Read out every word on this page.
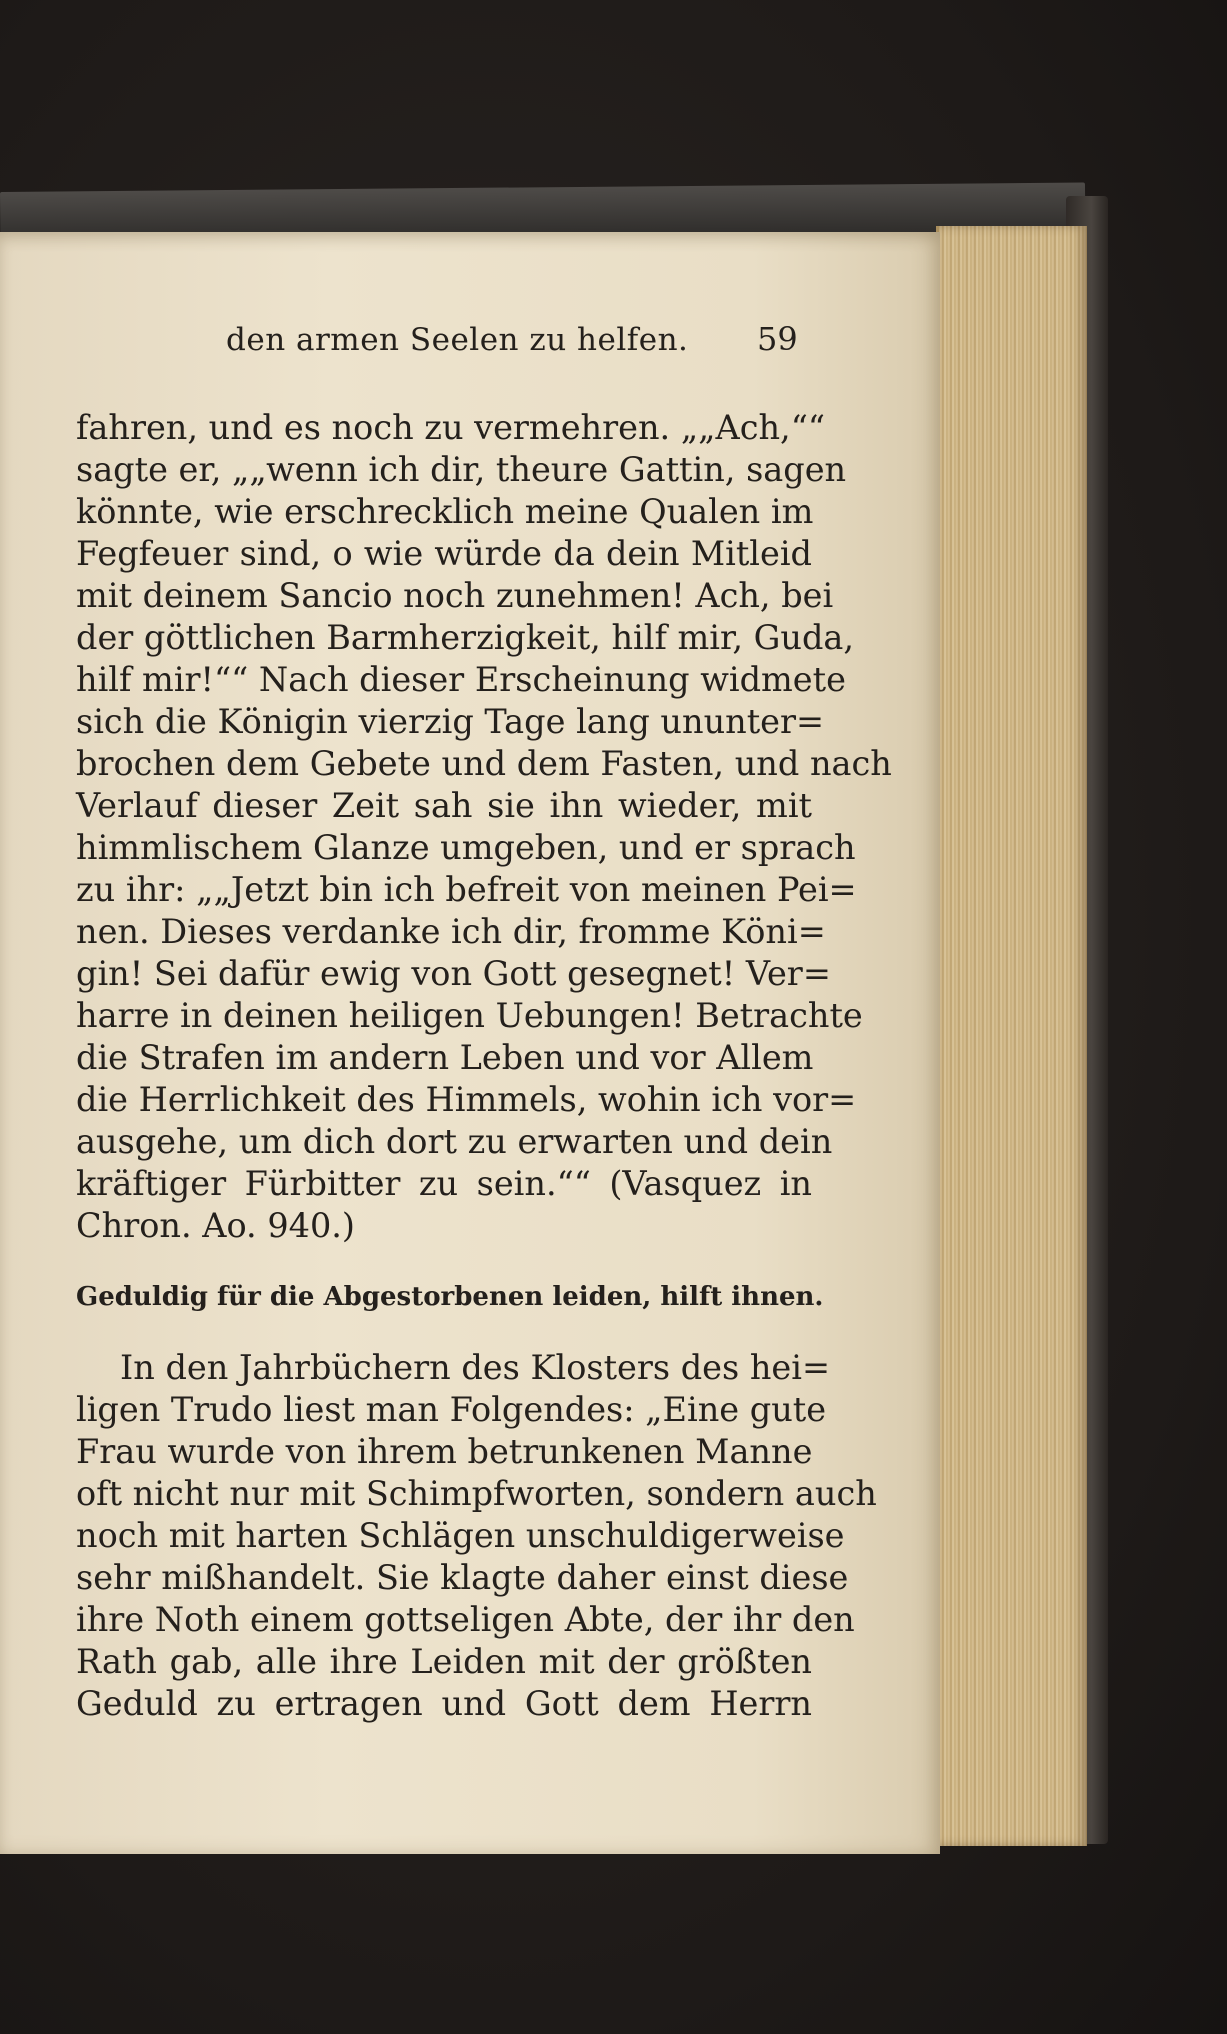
den armen Seelen zu helfen. 59
fahren, und es noch zu vermehren. „„Ach,““
sagte er, „„wenn ich dir, theure Gattin, sagen
könnte, wie erschrecklich meine Qualen im
Fegfeuer sind, o wie würde da dein Mitleid
mit deinem Sancio noch zunehmen! Ach, bei
der göttlichen Barmherzigkeit, hilf mir, Guda,
hilf mir!““ Nach dieser Erscheinung widmete
sich die Königin vierzig Tage lang ununter=
brochen dem Gebete und dem Fasten, und nach
Verlauf dieser Zeit sah sie ihn wieder, mit
himmlischem Glanze umgeben, und er sprach
zu ihr: „„Jetzt bin ich befreit von meinen Pei=
nen. Dieses verdanke ich dir, fromme Köni=
gin! Sei dafür ewig von Gott gesegnet! Ver=
harre in deinen heiligen Uebungen! Betrachte
die Strafen im andern Leben und vor Allem
die Herrlichkeit des Himmels, wohin ich vor=
ausgehe, um dich dort zu erwarten und dein
kräftiger Fürbitter zu sein.““ (Vasquez in
Chron. Ao. 940.)
Geduldig für die Abgestorbenen leiden, hilft ihnen.
In den Jahrbüchern des Klosters des hei=
ligen Trudo liest man Folgendes: „Eine gute
Frau wurde von ihrem betrunkenen Manne
oft nicht nur mit Schimpfworten, sondern auch
noch mit harten Schlägen unschuldigerweise
sehr mißhandelt. Sie klagte daher einst diese
ihre Noth einem gottseligen Abte, der ihr den
Rath gab, alle ihre Leiden mit der größten
Geduld zu ertragen und Gott dem Herrn
